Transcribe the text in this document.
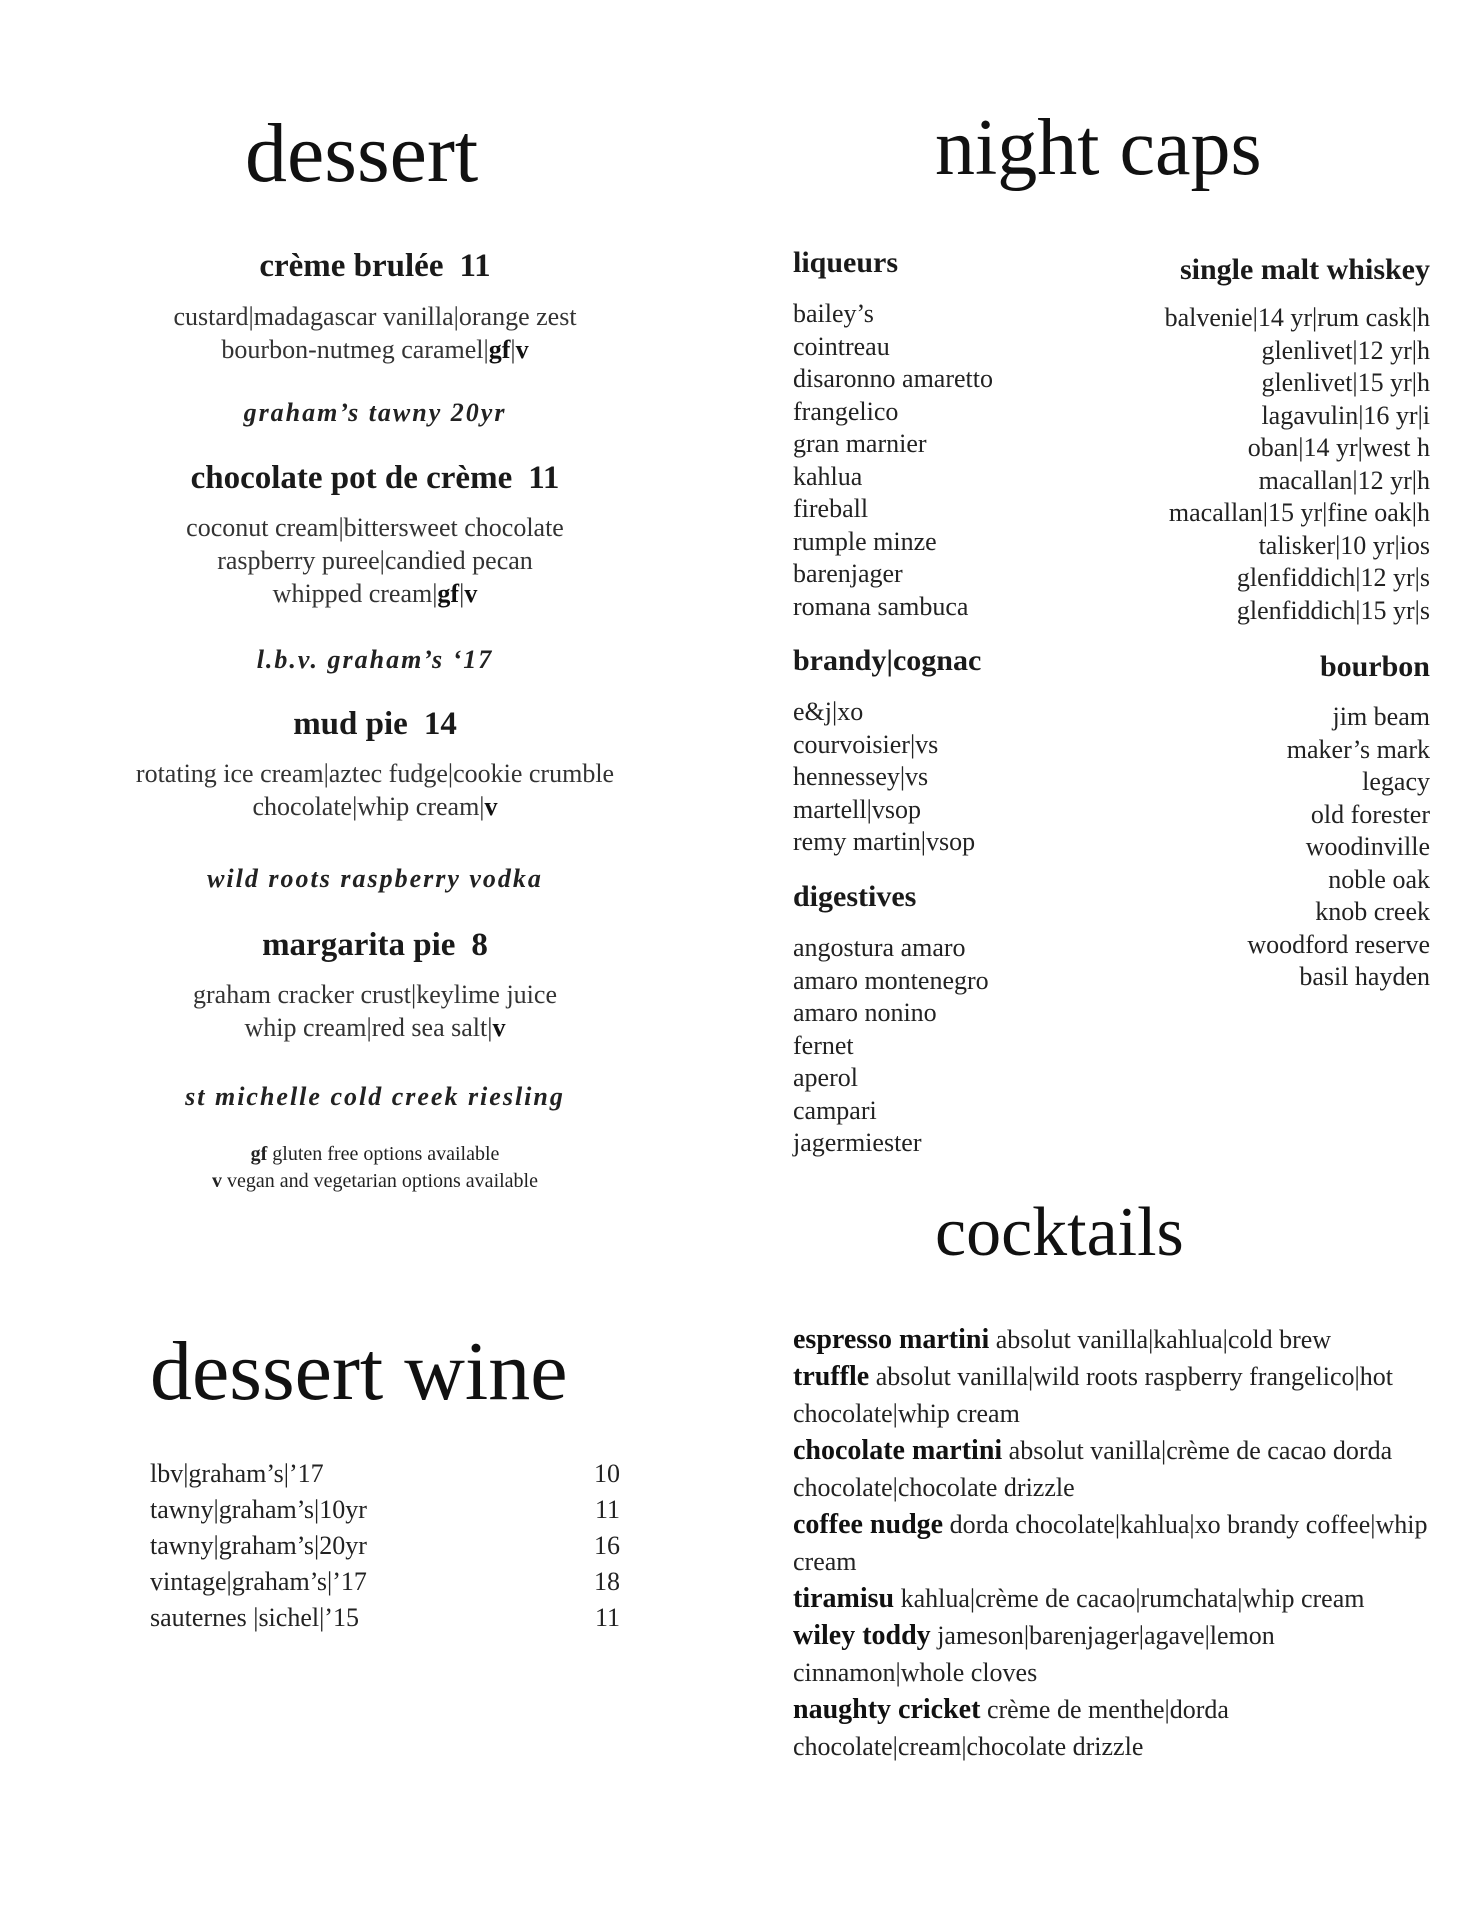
dessert
crème brulée 11
custard|madagascar vanilla|orange zest
bourbon-nutmeg caramel|gf|v
graham’s tawny 20yr
chocolate pot de crème 11
coconut cream|bittersweet chocolate
raspberry puree|candied pecan
whipped cream|gf|v
l.b.v. graham’s ‘17
mud pie 14
rotating ice cream|aztec fudge|cookie crumble
chocolate|whip cream|v
wild roots raspberry vodka
margarita pie 8
graham cracker crust|keylime juice
whip cream|red sea salt|v
st michelle cold creek riesling
gf gluten free options available
v vegan and vegetarian options available
dessert wine
lbv|graham’s|’17	10
tawny|graham’s|10yr	11
tawny|graham’s|20yr	16
vintage|graham’s|’17	18
sauternes |sichel|’15	11
night caps
liqueurs
bailey’s
cointreau
disaronno amaretto
frangelico
gran marnier
kahlua
fireball
rumple minze
barenjager
romana sambuca
brandy|cognac
e&j|xo
courvoisier|vs
hennessey|vs
martell|vsop
remy martin|vsop
digestives
angostura amaro
amaro montenegro
amaro nonino
fernet
aperol
campari
jagermiester
single malt whiskey
balvenie|14 yr|rum cask|h
glenlivet|12 yr|h
glenlivet|15 yr|h
lagavulin|16 yr|i
oban|14 yr|west h
macallan|12 yr|h
macallan|15 yr|fine oak|h
talisker|10 yr|ios
glenfiddich|12 yr|s
glenfiddich|15 yr|s
bourbon
jim beam
maker’s mark
legacy
old forester
woodinville
noble oak
knob creek
woodford reserve
basil hayden
cocktails

espresso martini absolut vanilla|kahlua|cold brew

truffle absolut vanilla|wild roots raspberry frangelico|hot chocolate|whip cream

chocolate martini absolut vanilla|crème de cacao dorda chocolate|chocolate drizzle

coffee nudge dorda chocolate|kahlua|xo brandy coffee|whip cream

tiramisu kahlua|crème de cacao|rumchata|whip cream

wiley toddy jameson|barenjager|agave|lemon cinnamon|whole cloves

naughty cricket crème de menthe|dorda chocolate|cream|chocolate drizzle
